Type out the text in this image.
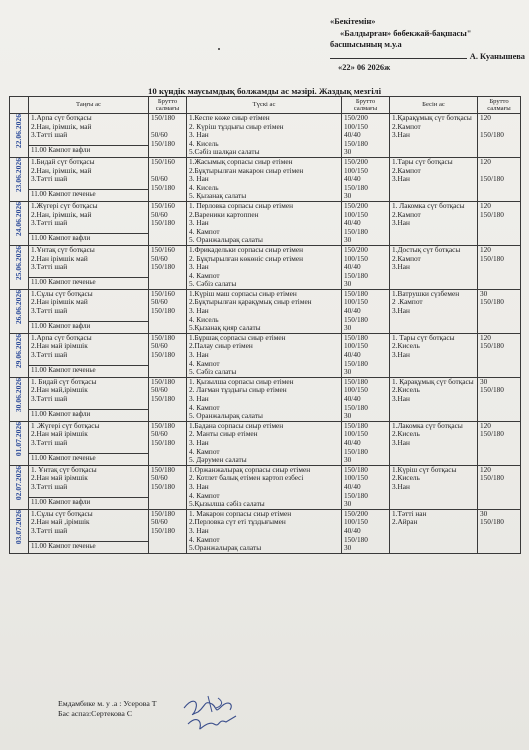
«Бекітемін»
«Балдырған» бөбекжай-бақшасы"
басшысының м.у.а
А. Куанышева
«22» 06 2026ж
10 күндік маусымдық болжамды ас мәзірі. Жаздық мезгілі
	Таңғы ас	Брутто салмағы	Түскі ас	Брутто салмағы	Бесін ас	Брутто салмағы

22.06.2026	1.Арпа сүт ботқасы
2.Нан, ірімшік, май
3.Тәтті шай	150/180

50/60
150/180	1.Кеспе көже сиыр етімен
2. Күріш тұздығы сиыр етімен
3. Нан
4. Кисель
5.Сәбіз шалқан салаты	150/200
100/150
40/40
150/180
30	1.Қарақұмық сүт ботқасы
2.Кампот
3.Нан	120

150/180
	11.00 Кампот вафли					

23.06.2026	1.Бидай сүт ботқасы
2.Нан, ірімшік, май
3.Тәтті шай	150/160

50/60
150/180	1.Жасымық сорпасы сиыр етімен
2.Бұқтырылған макарон сиыр етімен
3. Нан
4. Кисель
5. Қызанақ салаты	150/200
100/150
40/40
150/180
30	1.Тары сүт ботқасы
2.Кампот
3.Нан	120

150/180
	11.00 Кампот печенье					

24.06.2026	1.Жүгері сүт ботқасы
2.Нан, ірімшік, май
3.Тәтті шай	150/160
50/60
150/180	1. Перловка сорпасы сиыр етімен
2.Вареники картоппен
3. Нан
4. Кампот
5. Оранжалырақ салаты	150/200
100/150
40/40
150/180
30	1. Лакомка сүт ботқасы
2.Кампот
3.Нан	120
150/180
	11.00 Кампот вафли					

25.06.2026	1.Ұнтақ сүт ботқасы
2.Нан ірімшік май
3.Тәтті шай	150/160
50/60
150/180	1.Фрикадельки сорпасы сиыр етімен
2. Бұқтырылған көкөніс сиыр етімен
3. Нан
4. Кампот
5. Сәбіз салаты	150/200
100/150
40/40
150/180
30	1.Достық сүт ботқасы
2.Кампот
3.Нан	120
150/180
	11.00 Кампот печенье					

26.06.2026	1.Сұлы сүт ботқасы
2.Нан ірімшік май
3.Тәтті шай	150/160
50/60
150/180	1.Күріш маш сорпасы сиыр етімен
2.Бұқтырылған қарақұмық сиыр етімен
3. Нан
4. Кисель
5.Қызанақ қияр салаты	150/180
100/150
40/40
150/180
30	1.Ватрушки сүзбемен
2 .Кампот
3.Нан	30
150/180
	11.00 Кампот вафли					

29.06.2026	1.Арпа сүт ботқасы
2.Нан май ірімшік
3.Тәтті шай	150/180
50/60
150/180	1.Бұршақ сорпасы сиыр етімен
2.Палау сиыр етімен
3. Нан
4. Кампот
5. Сәбіз салаты	150/180
100/150
40/40
150/180
30	1. Тары сүт ботқасы
2.Кисель
3.Нан	120
150/180
	11.00 Кампот печенье					

30.06.2026	1. Бидай сүт ботқасы
2.Нан май,ірімшік
3.Тәтті шай	150/180
50/60
150/180	1. Қызылша сорпасы сиыр етімен
2. Лағман тұздығы сиыр етімен
3. Нан
4. Кампот
5. Оранжалырақ салаты	150/180
100/150
40/40
150/180
30	1. Қарақұмық сүт ботқасы
2.Кисель
3.Нан	30
150/180
	11.00 Кампот вафли					

01.07.2026	1 .Жүгері сүт ботқасы
2.Нан май ірімшік
3.Тәтті шай	150/180
50/60
150/180	1.Бадана сорпасы сиыр етімен
2. Манты сиыр етімен
3. Нан
4. Кампот
5. Дәрумен салаты	150/180
100/150
40/40
150/180
30	1.Лакомка сүт ботқасы
2.Кисель
3.Нан	120
150/180
	11.00 Кампот печенье					

02.07.2026	1. Ұнтақ сүт ботқасы
2.Нан май ірімшік
3.Тәтті шай	150/180
50/60
150/180	1.Оржанжалырақ сорпасы сиыр етімен
2. Котлет балық етімен картоп езбесі
3. Нан
4. Кампот
5.Қызылша сәбіз салаты	150/180
100/150
40/40
150/180
30	1.Күріш сүт ботқасы
2.Кисель
3.Нан	120
150/180
	11.00 Кампот вафли					

03.07.2026	1.Сұлы сүт ботқасы
2.Нан май ,ірімшік
3.Тәтті шай	150/180
50/60
150/180	1. Макарон сорпасы сиыр етімен
2.Перловка сүт еті тұздығымен
3. Нан
4. Кампот
5.Оранжалырақ салаты	150/200
100/150
40/40
150/180
30	1.Тәтті нан
2.Айран	30
150/180
	11.00 Кампот печенье					
Емдамбике м. у .а : Усерова Т
Бас аспаз:Сертекова С
